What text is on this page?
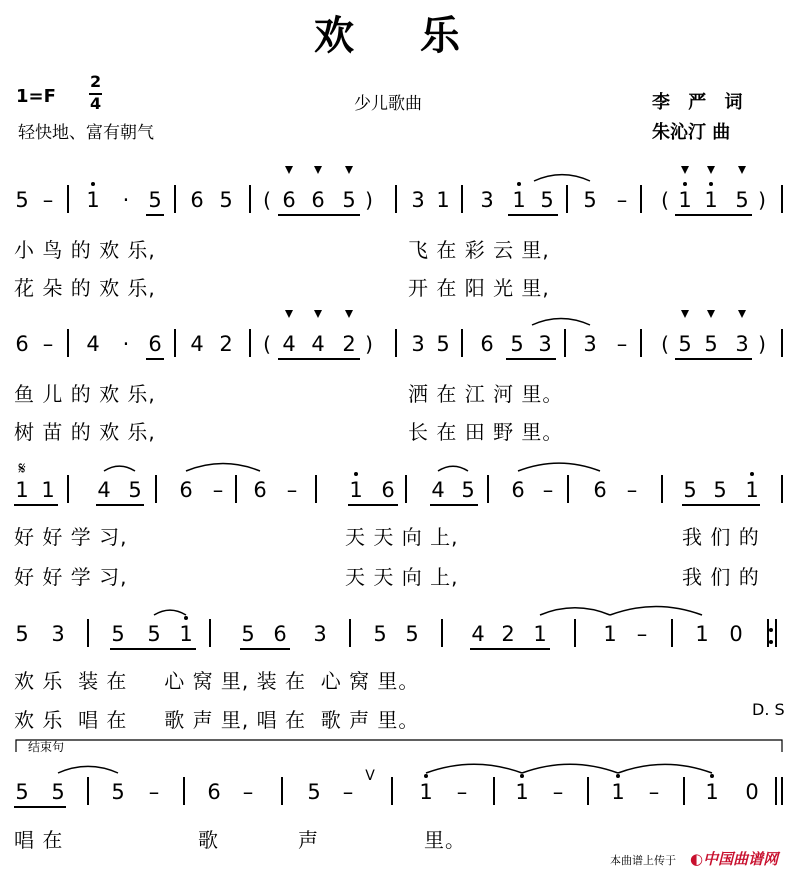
欢 乐
1=F
2
4
轻快地、富有朝气
少儿歌曲	李 严 词
朱沁汀 曲
5 – 1 · 5 6 5 ( 6 6 5 ) 3 1 3 1 5 5 – ( 1 1 5 )
6 – 4 · 6 4 2 ( 4 4 2 ) 3 5 6 5 3 3 – ( 5 5 3 )
𝄋
1 1 4 5 6 – 6 – 1 6 4 5 6 – 6 – 5 5 1
5 3 5 5 1 5 6 3 5 5	4 2 1	1 – 1 0
5 5 5 – 6 –	5 –	1 – 1 – 1 – 1 0
V
小 鸟 的 欢 乐,	飞 在 彩 云 里,
花 朵 的 欢 乐,	开 在 阳 光 里,
鱼 儿 的 欢 乐,	洒 在 江 河 里。
树 苗 的 欢 乐,	长 在 田 野 里。
好 好 学 习,	天 天 向 上,	我 们 的
好 好 学 习,	天 天 向 上,	我 们 的
欢 乐  装 在     心 窝 里, 装 在  心 窝 里。
欢 乐  唱 在     歌 声 里, 唱 在  歌 声 里。	D. S
结束句
唱 在	歌	声	里。
本曲谱上传于 ◐中国曲谱网
